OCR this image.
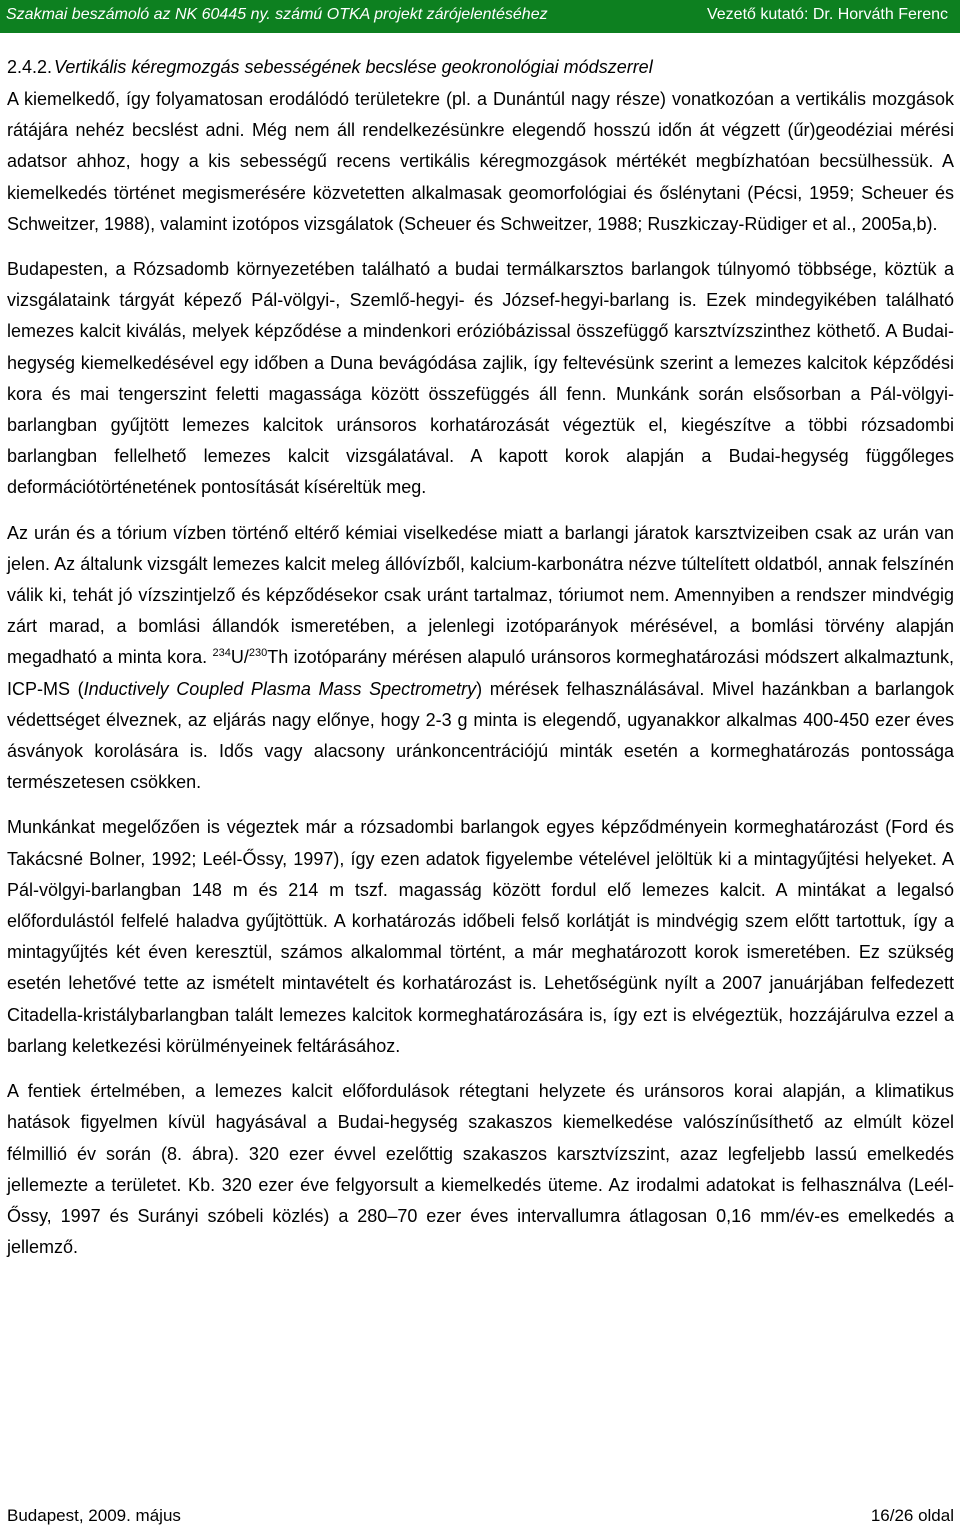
Szakmai beszámoló az NK 60445 ny. számú OTKA projekt zárójelentéséhez	Vezető kutató: Dr. Horváth Ferenc
2.4.2. Vertikális kéregmozgás sebességének becslése geokronológiai módszerrel

A kiemelkedő, így folyamatosan erodálódó területekre (pl. a Dunántúl nagy része) vonatkozóan a vertikális mozgások rátájára nehéz becslést adni. Még nem áll rendelkezésünkre elegendő hosszú időn át végzett (űr)geodéziai mérési adatsor ahhoz, hogy a kis sebességű recens vertikális kéregmozgások mértékét megbízhatóan becsülhessük. A kiemelkedés történet megismerésére közvetetten alkalmasak geomorfológiai és őslénytani (Pécsi, 1959; Scheuer és Schweitzer, 1988), valamint izotópos vizsgálatok (Scheuer és Schweitzer, 1988; Ruszkiczay-Rüdiger et al., 2005a,b).

Budapesten, a Rózsadomb környezetében található a budai termálkarsztos barlangok túlnyomó többsége, köztük a vizsgálataink tárgyát képező Pál-völgyi-, Szemlő-hegyi- és József-hegyi-barlang is. Ezek mindegyikében található lemezes kalcit kiválás, melyek képződése a mindenkori erózióbázissal összefüggő karsztvízszinthez köthető. A Budai-hegység kiemelkedésével egy időben a Duna bevágódása zajlik, így feltevésünk szerint a lemezes kalcitok képződési kora és mai tengerszint feletti magassága között összefüggés áll fenn. Munkánk során elsősorban a Pál-völgyi-barlangban gyűjtött lemezes kalcitok uránsoros korhatározását végeztük el, kiegészítve a többi rózsadombi barlangban fellelhető lemezes kalcit vizsgálatával. A kapott korok alapján a Budai-hegység függőleges deformációtörténetének pontosítását kíséreltük meg.

Az urán és a tórium vízben történő eltérő kémiai viselkedése miatt a barlangi járatok karsztvizeiben csak az urán van jelen. Az általunk vizsgált lemezes kalcit meleg állóvízből, kalcium-karbonátra nézve túltelített oldatból, annak felszínén válik ki, tehát jó vízszintjelző és képződésekor csak uránt tartalmaz, tóriumot nem. Amennyiben a rendszer mindvégig zárt marad, a bomlási állandók ismeretében, a jelenlegi izotóparányok mérésével, a bomlási törvény alapján megadható a minta kora. $^{234}$U/$^{230}$Th izotóparány mérésen alapuló uránsoros kormeghatározási módszert alkalmaztunk, ICP-MS (Inductively Coupled Plasma Mass Spectrometry) mérések felhasználásával. Mivel hazánkban a barlangok védettséget élveznek, az eljárás nagy előnye, hogy 2-3 g minta is elegendő, ugyanakkor alkalmas 400-450 ezer éves ásványok korolására is. Idős vagy alacsony uránkoncentrációjú minták esetén a kormeghatározás pontossága természetesen csökken.

Munkánkat megelőzően is végeztek már a rózsadombi barlangok egyes képződményein kormeghatározást (Ford és Takácsné Bolner, 1992; Leél-Őssy, 1997), így ezen adatok figyelembe vételével jelöltük ki a mintagyűjtési helyeket. A Pál-völgyi-barlangban 148 m és 214 m tszf. magasság között fordul elő lemezes kalcit. A mintákat a legalsó előfordulástól felfelé haladva gyűjtöttük. A korhatározás időbeli felső korlátját is mindvégig szem előtt tartottuk, így a mintagyűjtés két éven keresztül, számos alkalommal történt, a már meghatározott korok ismeretében. Ez szükség esetén lehetővé tette az ismételt mintavételt és korhatározást is. Lehetőségünk nyílt a 2007 januárjában felfedezett Citadella-kristálybarlangban talált lemezes kalcitok kormeghatározására is, így ezt is elvégeztük, hozzájárulva ezzel a barlang keletkezési körülményeinek feltárásához.

A fentiek értelmében, a lemezes kalcit előfordulások rétegtani helyzete és uránsoros korai alapján, a klimatikus hatások figyelmen kívül hagyásával a Budai-hegység szakaszos kiemelkedése valószínűsíthető az elmúlt közel félmillió év során (8. ábra). 320 ezer évvel ezelőttig szakaszos karsztvízszint, azaz legfeljebb lassú emelkedés jellemezte a területet. Kb. 320 ezer éve felgyorsult a kiemelkedés üteme. Az irodalmi adatokat is felhasználva (Leél-Őssy, 1997 és Surányi szóbeli közlés) a 280–70 ezer éves intervallumra átlagosan 0,16 mm/év-es emelkedés a jellemző.

Budapest, 2009. május	16/26 oldal
